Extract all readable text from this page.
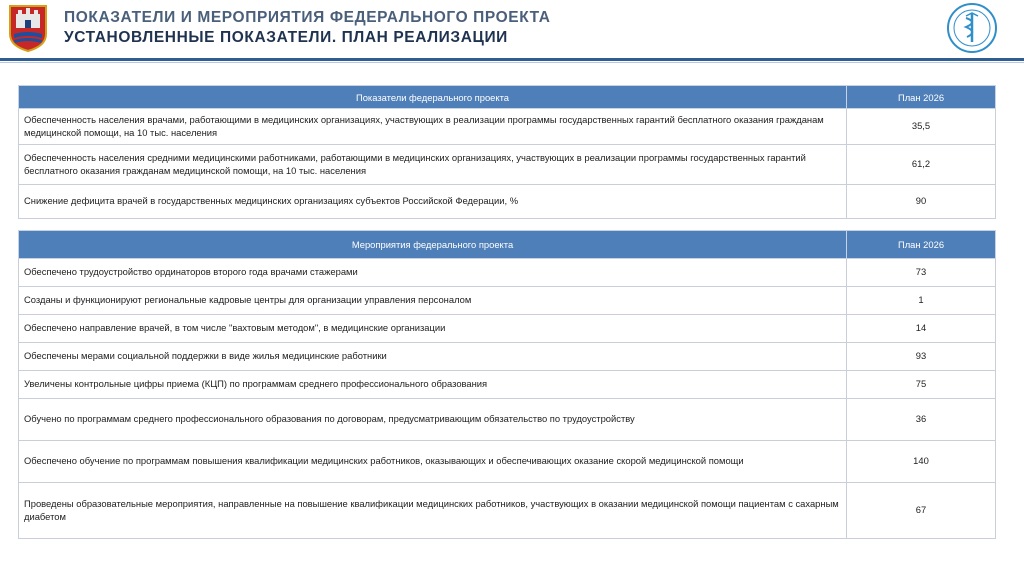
ПОКАЗАТЕЛИ И МЕРОПРИЯТИЯ ФЕДЕРАЛЬНОГО ПРОЕКТА
УСТАНОВЛЕННЫЕ ПОКАЗАТЕЛИ. ПЛАН РЕАЛИЗАЦИИ
Показатели федерального проекта	План 2026
Обеспеченность населения врачами, работающими в медицинских организациях, участвующих в реализации программы государственных гарантий бесплатного оказания гражданам медицинской помощи, на 10 тыс. населения	35,5
Обеспеченность населения средними медицинскими работниками, работающими в медицинских организациях, участвующих в реализации программы государственных гарантий бесплатного оказания гражданам медицинской помощи, на 10 тыс. населения	61,2
Снижение дефицита врачей в государственных медицинских организациях субъектов Российской Федерации, %	90
Мероприятия федерального проекта	План 2026
Обеспечено трудоустройство ординаторов второго года врачами стажерами	73
Созданы и функционируют региональные кадровые центры для организации управления персоналом	1
Обеспечено направление врачей, в том числе "вахтовым методом", в медицинские организации	14
Обеспечены мерами социальной поддержки в виде жилья медицинские работники	93
Увеличены контрольные цифры приема (КЦП) по программам среднего профессионального образования	75
Обучено по программам среднего профессионального образования по договорам, предусматривающим обязательство по трудоустройству	36
Обеспечено обучение по программам повышения квалификации медицинских работников, оказывающих и обеспечивающих оказание скорой медицинской помощи	140
Проведены образовательные мероприятия, направленные на повышение квалификации медицинских работников, участвующих в оказании медицинской помощи пациентам с сахарным диабетом	67
